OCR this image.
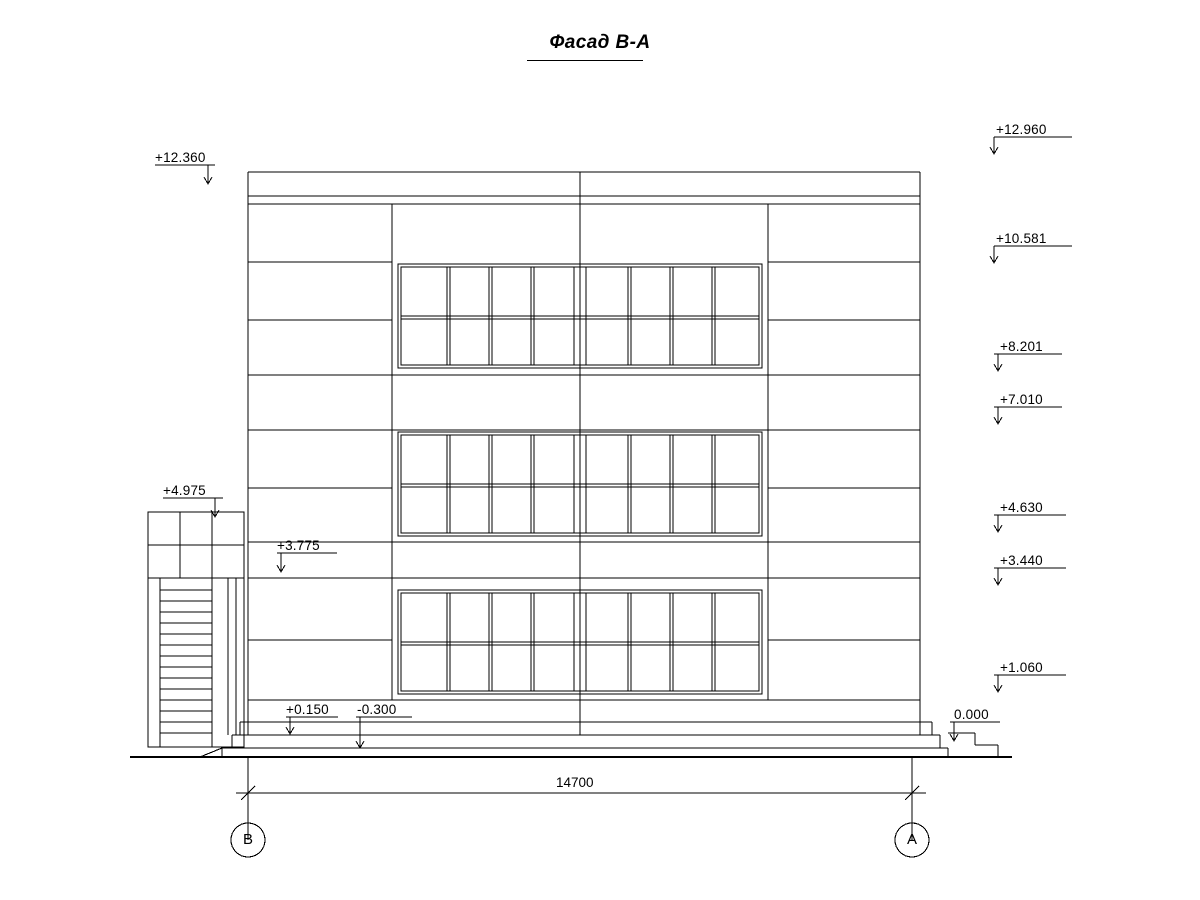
Фасад В-А
+12.360
+4.975
+3.775
+0.150 -0.300
+12.960
+10.581
+8.201
+7.010
+4.630
+3.440
+1.060
0.000
14700
В	А
